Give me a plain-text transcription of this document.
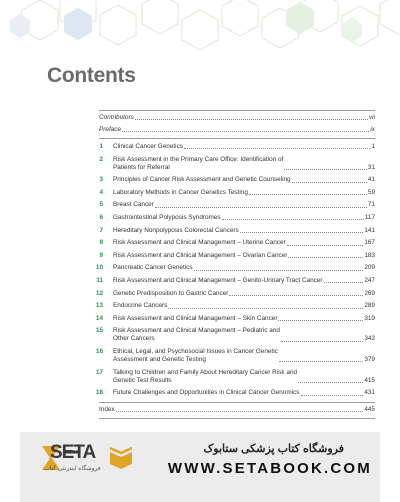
Contents
Contributors	vii
Preface	ix
1	Clinical Cancer Genetics	1
2	Risk Assessment in the Primary Care Office: Identification of
Patients for Referral	31
3	Principles of Cancer Risk Assessment and Genetic Counseling	41
4	Laboratory Methods in Cancer Genetics Testing	59
5	Breast Cancer	71
6	Gastrointestinal Polyposis Syndromes	117
7	Hereditary Nonpolyposis Colorectal Cancers	141
8	Risk Assessment and Clinical Management – Uterine Cancer	167
9	Risk Assessment and Clinical Management – Ovarian Cancer	183
10	Pancreatic Cancer Genetics	209
11	Risk Assessment and Clinical Management – Genito-Urinary Tract Cancer	247
12	Genetic Predisposition to Gastric Cancer	269
13	Endocrine Cancers	289
14	Risk Assessment and Clinical Management – Skin Cancer	319
15	Risk Assessment and Clinical Management – Pediatric and
Other Cancers	343
16	Ethical, Legal, and Psychosocial Issues in Cancer Genetic
Assessment and Genetic Testing	379
17	Talking to Children and Family About Hereditary Cancer Risk and
Genetic Test Results	415
18	Future Challenges and Opportunities in Clinical Cancer Genomics	431
Index	445
SETA
فروشگاه اینترنتی کتاب
فروشگاه کتاب پزشکی ستابوک
WWW.SETABOOK.COM
